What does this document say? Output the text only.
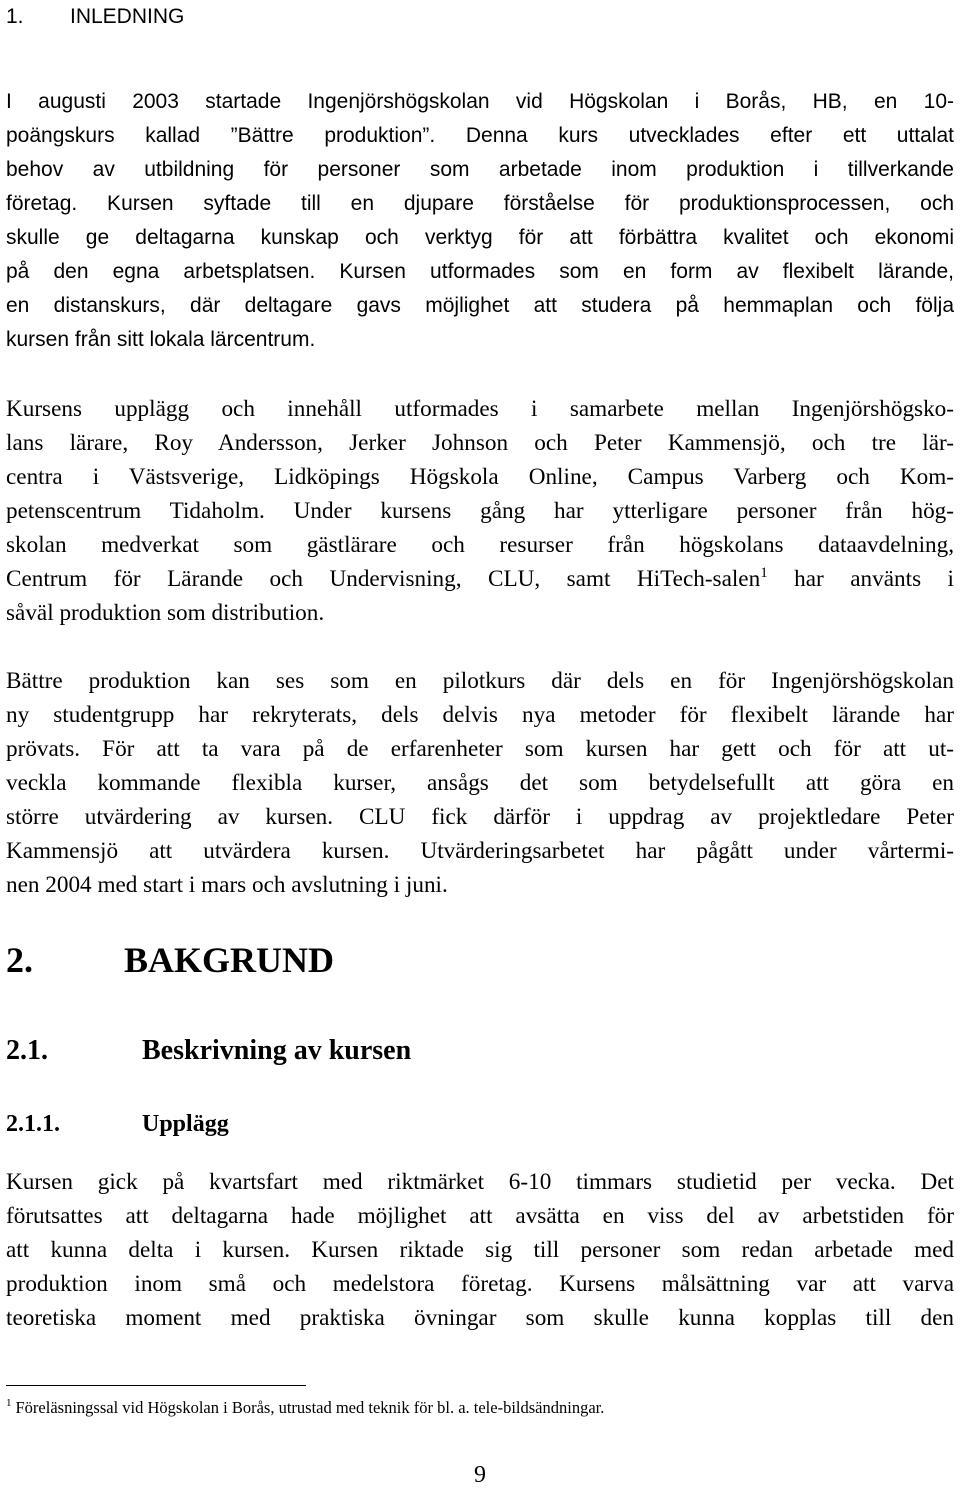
1. INLEDNING
I augusti 2003 startade Ingenjörshögskolan vid Högskolan i Borås, HB, en 10-
poängskurs kallad ”Bättre produktion”. Denna kurs utvecklades efter ett uttalat
behov av utbildning för personer som arbetade inom produktion i tillverkande
företag. Kursen syftade till en djupare förståelse för produktionsprocessen, och
skulle ge deltagarna kunskap och verktyg för att förbättra kvalitet och ekonomi
på den egna arbetsplatsen. Kursen utformades som en form av flexibelt lärande,
en distanskurs, där deltagare gavs möjlighet att studera på hemmaplan och följa
kursen från sitt lokala lärcentrum.
Kursens upplägg och innehåll utformades i samarbete mellan Ingenjörshögsko-
lans lärare, Roy Andersson, Jerker Johnson och Peter Kammensjö, och tre lär-
centra i Västsverige, Lidköpings Högskola Online, Campus Varberg och Kom-
petenscentrum Tidaholm. Under kursens gång har ytterligare personer från hög-
skolan medverkat som gästlärare och resurser från högskolans dataavdelning,
Centrum för Lärande och Undervisning, CLU, samt HiTech-salen$^1$ har använts i
såväl produktion som distribution.
Bättre produktion kan ses som en pilotkurs där dels en för Ingenjörshögskolan
ny studentgrupp har rekryterats, dels delvis nya metoder för flexibelt lärande har
prövats. För att ta vara på de erfarenheter som kursen har gett och för att ut-
veckla kommande flexibla kurser, ansågs det som betydelsefullt att göra en
större utvärdering av kursen. CLU fick därför i uppdrag av projektledare Peter
Kammensjö att utvärdera kursen. Utvärderingsarbetet har pågått under vårtermi-
nen 2004 med start i mars och avslutning i juni.
2.	BAKGRUND
2.1.	Beskrivning av kursen
2.1.1.	Upplägg
Kursen gick på kvartsfart med riktmärket 6-10 timmars studietid per vecka. Det
förutsattes att deltagarna hade möjlighet att avsätta en viss del av arbetstiden för
att kunna delta i kursen. Kursen riktade sig till personer som redan arbetade med
produktion inom små och medelstora företag. Kursens målsättning var att varva
teoretiska moment med praktiska övningar som skulle kunna kopplas till den
$^1$ Föreläsningssal vid Högskolan i Borås, utrustad med teknik för bl. a. tele-bildsändningar.
9
